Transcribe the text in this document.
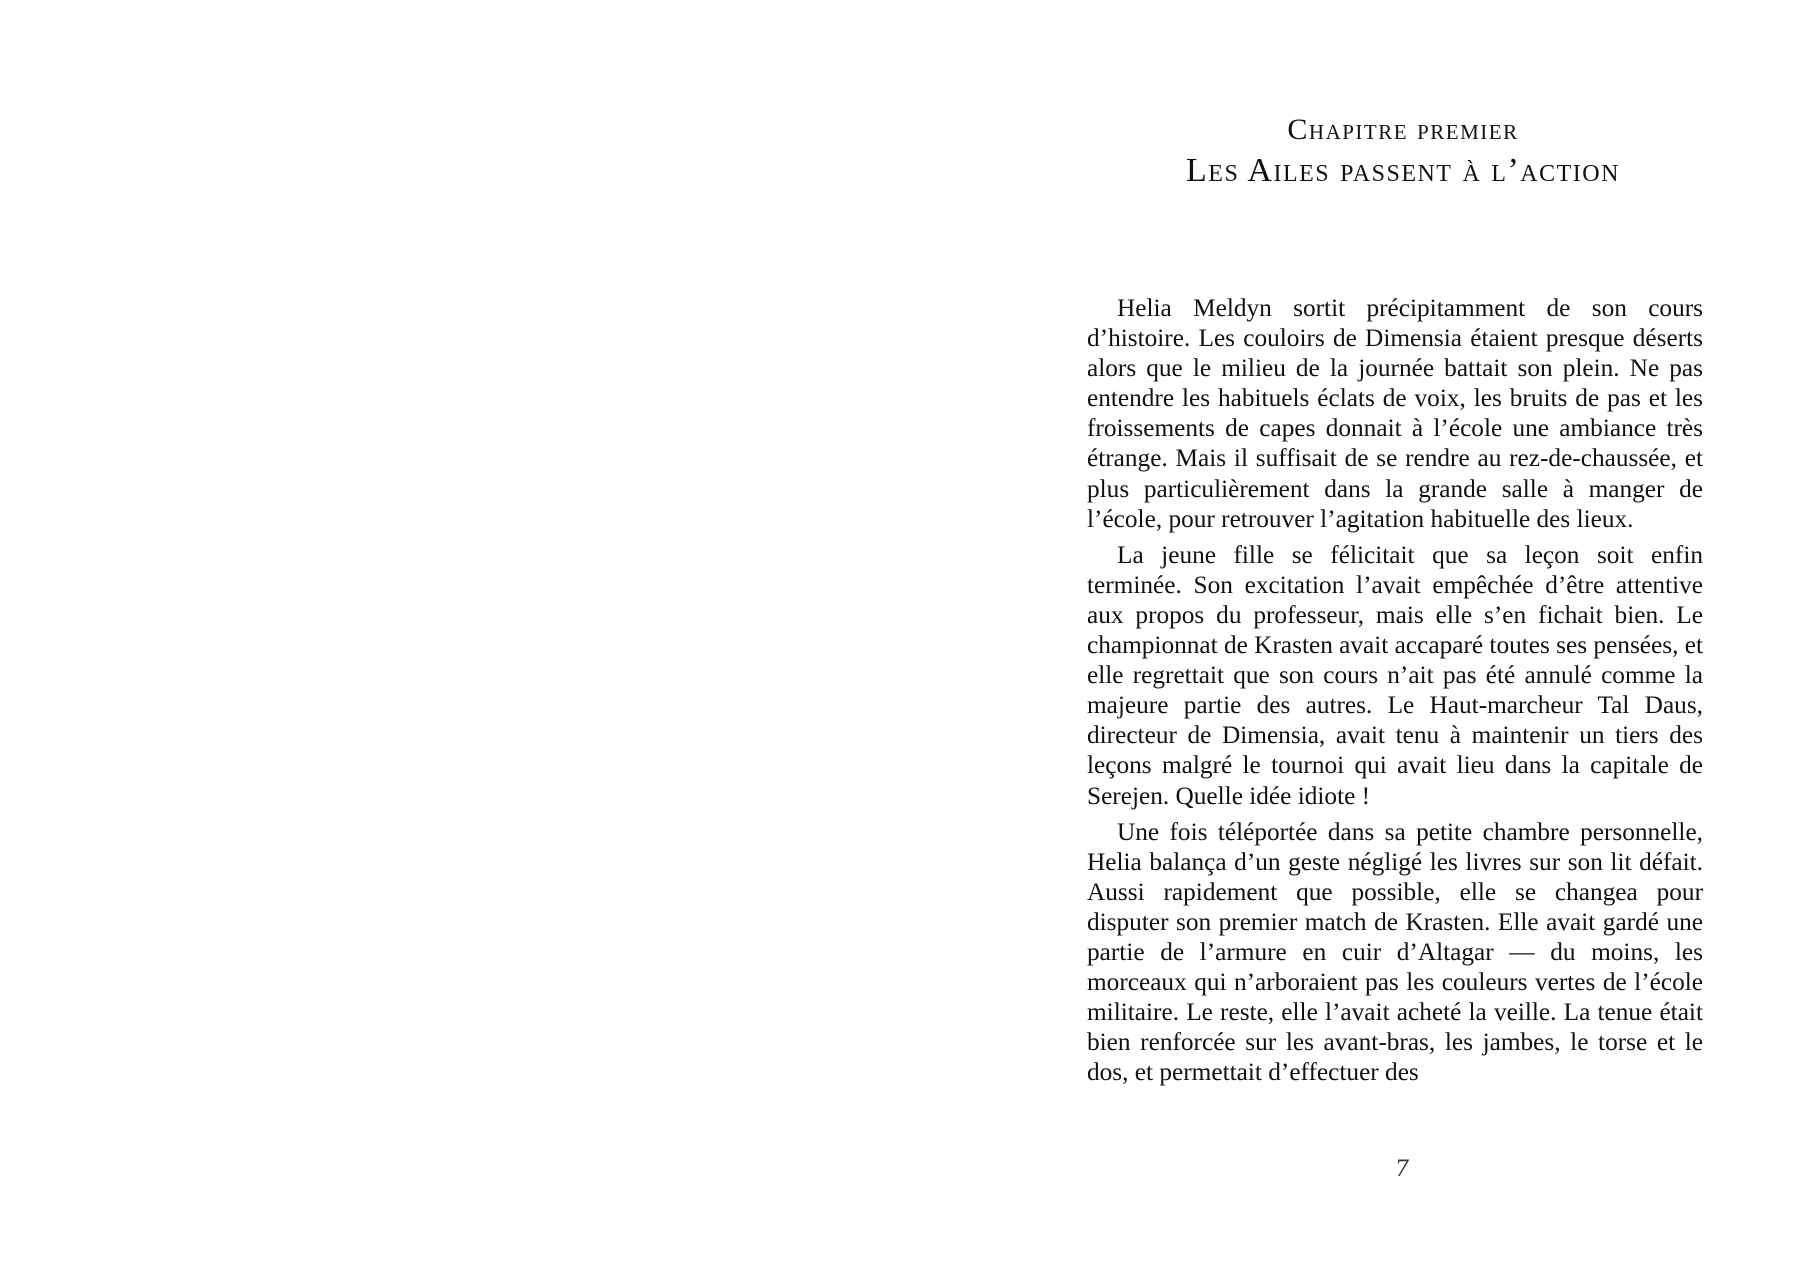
Chapitre premier

Les Ailes passent à l’action

Helia Meldyn sortit précipitamment de son cours d’histoire. Les couloirs de Dimensia étaient presque déserts alors que le milieu de la journée battait son plein. Ne pas entendre les habituels éclats de voix, les bruits de pas et les froissements de capes donnait à l’école une ambiance très étrange. Mais il suffisait de se rendre au rez-de-chaussée, et plus particulièrement dans la grande salle à manger de l’école, pour retrouver l’agitation habituelle des lieux.

La jeune fille se félicitait que sa leçon soit enfin terminée. Son excitation l’avait empêchée d’être attentive aux propos du professeur, mais elle s’en fichait bien. Le championnat de Krasten avait accaparé toutes ses pensées, et elle regrettait que son cours n’ait pas été annulé comme la majeure partie des autres. Le Haut-marcheur Tal Daus, directeur de Dimensia, avait tenu à maintenir un tiers des leçons malgré le tournoi qui avait lieu dans la capitale de Serejen. Quelle idée idiote !

Une fois téléportée dans sa petite chambre personnelle, Helia balança d’un geste négligé les livres sur son lit défait. Aussi rapidement que possible, elle se changea pour disputer son premier match de Krasten. Elle avait gardé une partie de l’armure en cuir d’Altagar — du moins, les morceaux qui n’arboraient pas les couleurs vertes de l’école militaire. Le reste, elle l’avait acheté la veille. La tenue était bien renforcée sur les avant-bras, les jambes, le torse et le dos, et permettait d’effectuer des

7
